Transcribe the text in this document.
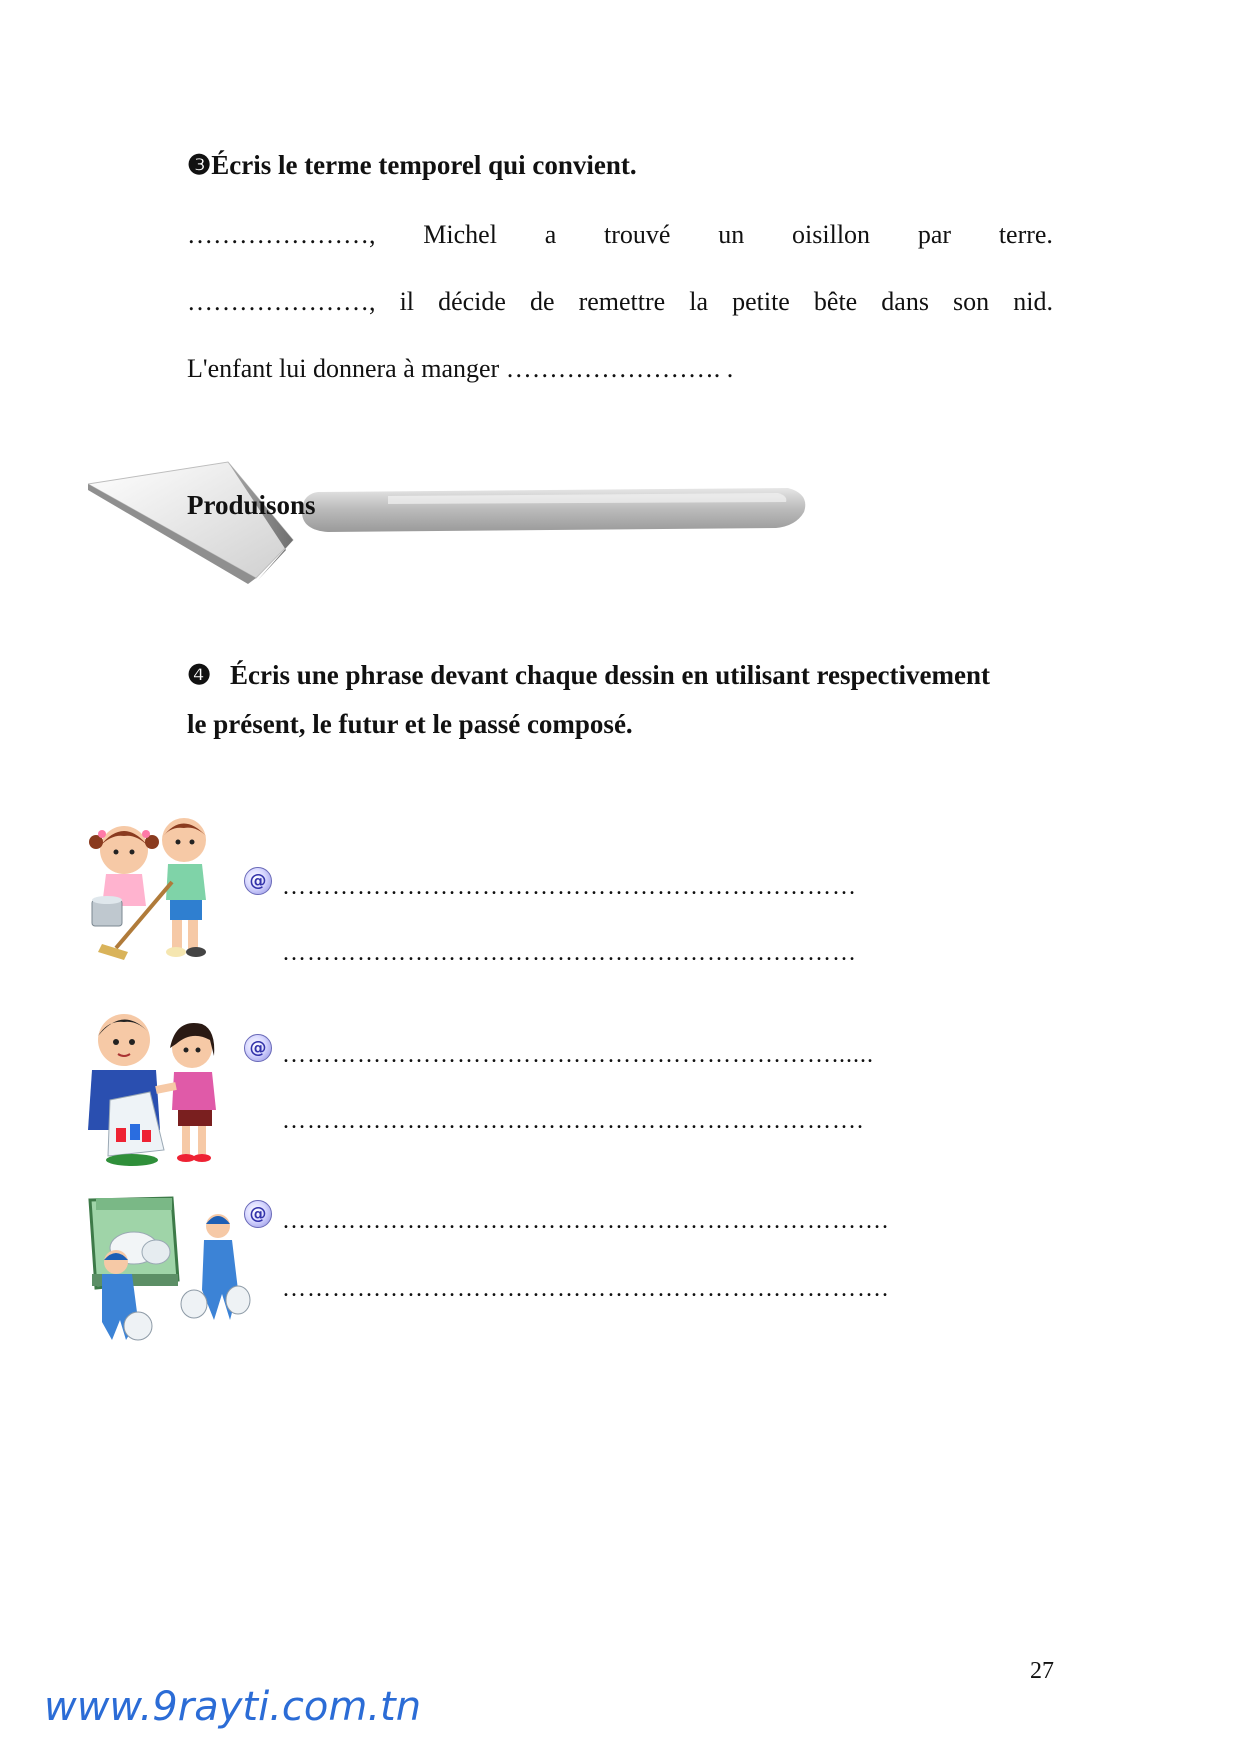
❸Écris le terme temporel qui convient.
…………………, Michel a trouvé un oisillon par terre.
…………………, il décide de remettre la petite bête dans son nid.
L'enfant lui donnera à manger ……………………. .
Produisons
❹ Écris une phrase devant chaque dessin en utilisant respectivement
le présent, le futur et le passé composé.
@ ……………………………………………………………
……………………………………………………………
@ …………………………………………………………......
…………………………………………………………….
@ ……………………………………………………………….
……………………………………………………………….
27
www.9rayti.com.tn
